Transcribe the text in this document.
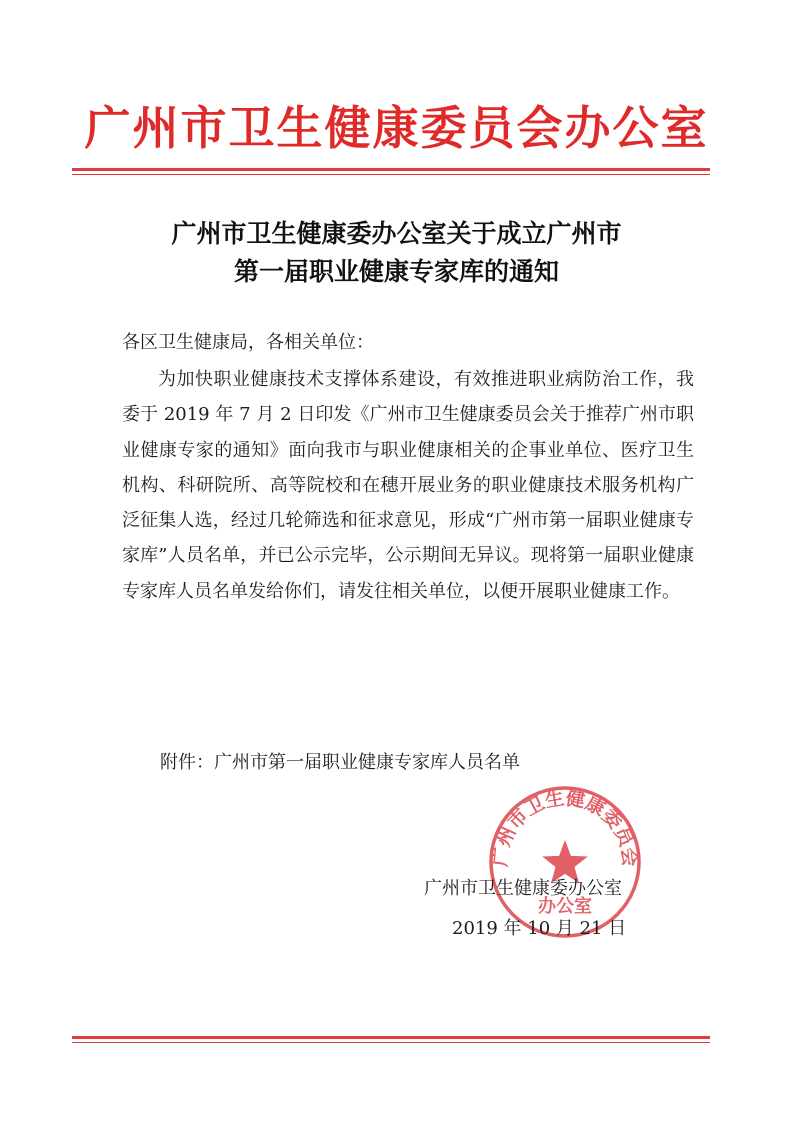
广州市卫生健康委员会办公室
广州市卫生健康委办公室关于成立广州市
第一届职业健康专家库的通知
各区卫生健康局，各相关单位：

为加快职业健康技术支撑体系建设，有效推进职业病防治工作，我委于 2019 年 7 月 2 日印发《广州市卫生健康委员会关于推荐广州市职业健康专家的通知》面向我市与职业健康相关的企事业单位、医疗卫生机构、科研院所、高等院校和在穗开展业务的职业健康技术服务机构广泛征集人选，经过几轮筛选和征求意见，形成“广州市第一届职业健康专家库”人员名单，并已公示完毕，公示期间无异议。现将第一届职业健康专家库人员名单发给你们，请发往相关单位，以便开展职业健康工作。

附件：广州市第一届职业健康专家库人员名单
广州市卫生健康委员会
办公室
广州市卫生健康委办公室
2019 年 10 月 21 日
